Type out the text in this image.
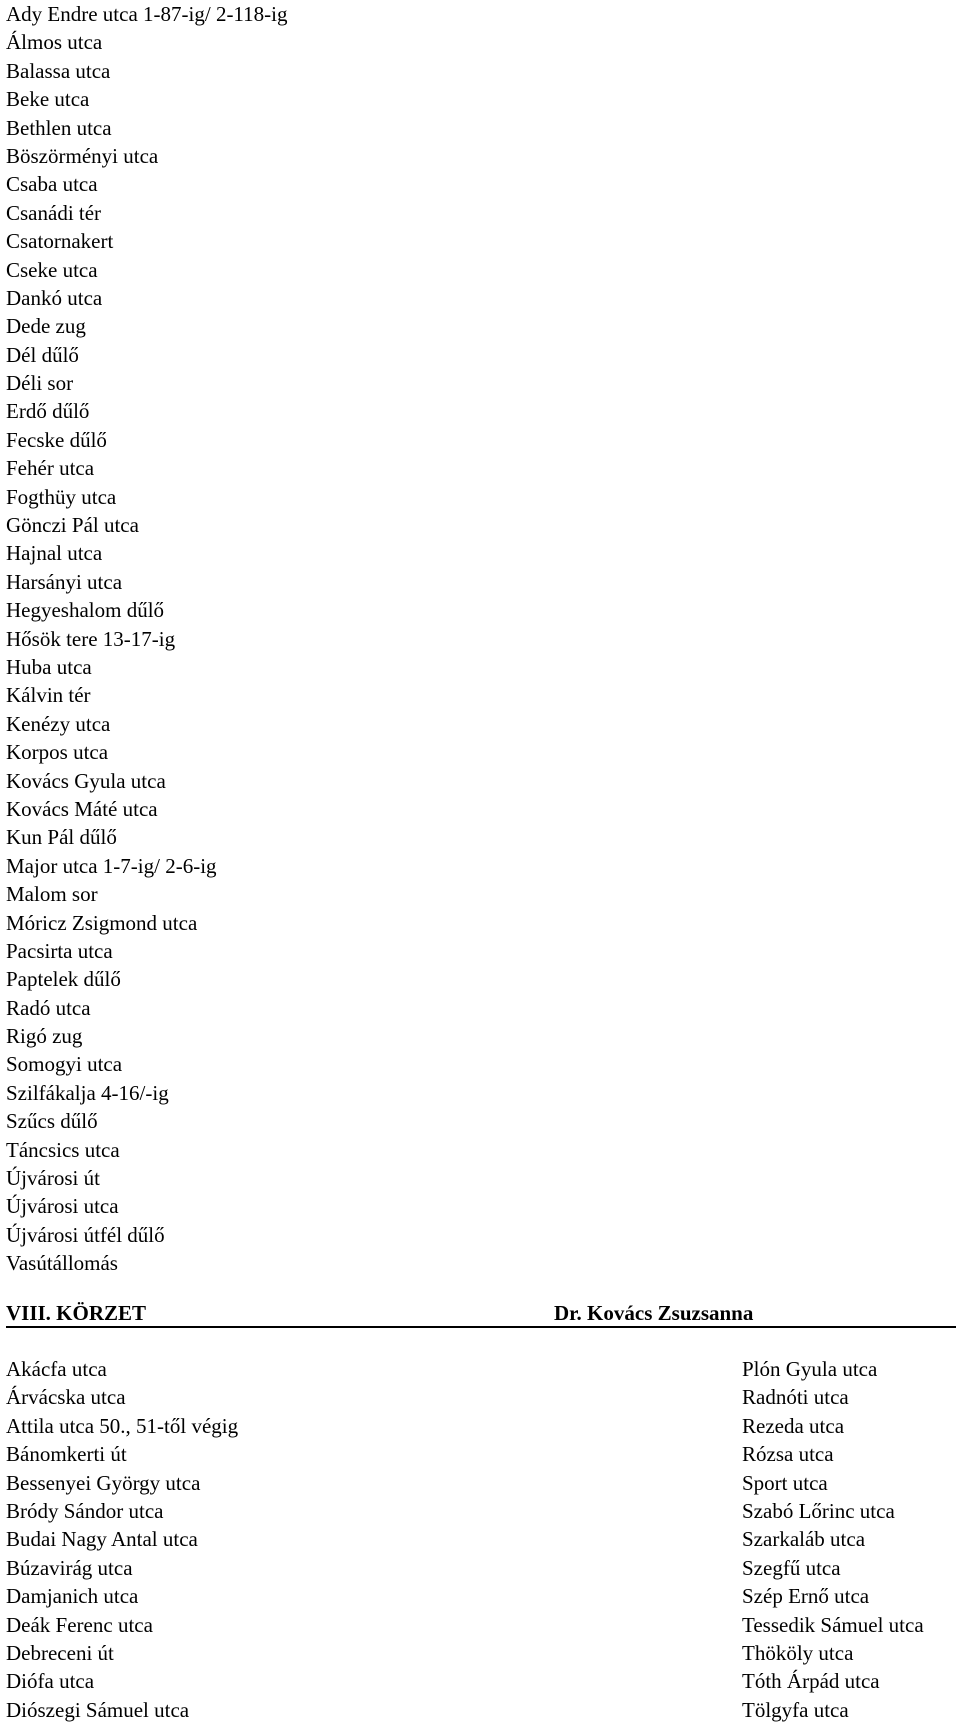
Ady Endre utca 1-87-ig/ 2-118-ig
Álmos utca
Balassa utca
Beke utca
Bethlen utca
Böszörményi utca
Csaba utca
Csanádi tér
Csatornakert
Cseke utca
Dankó utca
Dede zug
Dél dűlő
Déli sor
Erdő dűlő
Fecske dűlő
Fehér utca
Fogthüy utca
Gönczi Pál utca
Hajnal utca
Harsányi utca
Hegyeshalom dűlő
Hősök tere 13-17-ig
Huba utca
Kálvin tér
Kenézy utca
Korpos utca
Kovács Gyula utca
Kovács Máté utca
Kun Pál dűlő
Major utca 1-7-ig/ 2-6-ig
Malom sor
Móricz Zsigmond utca
Pacsirta utca
Paptelek dűlő
Radó utca
Rigó zug
Somogyi utca
Szilfákalja 4-16/-ig
Szűcs dűlő
Táncsics utca
Újvárosi út
Újvárosi utca
Újvárosi útfél dűlő
Vasútállomás
VIII. KÖRZET	Dr. Kovács Zsuzsanna
Akácfa utca
Árvácska utca
Attila utca 50., 51-től végig
Bánomkerti út
Bessenyei György utca
Bródy Sándor utca
Budai Nagy Antal utca
Búzavirág utca
Damjanich utca
Deák Ferenc utca
Debreceni út
Diófa utca
Diószegi Sámuel utca
Plón Gyula utca
Radnóti utca
Rezeda utca
Rózsa utca
Sport utca
Szabó Lőrinc utca
Szarkaláb utca
Szegfű utca
Szép Ernő utca
Tessedik Sámuel utca
Thököly utca
Tóth Árpád utca
Tölgyfa utca
